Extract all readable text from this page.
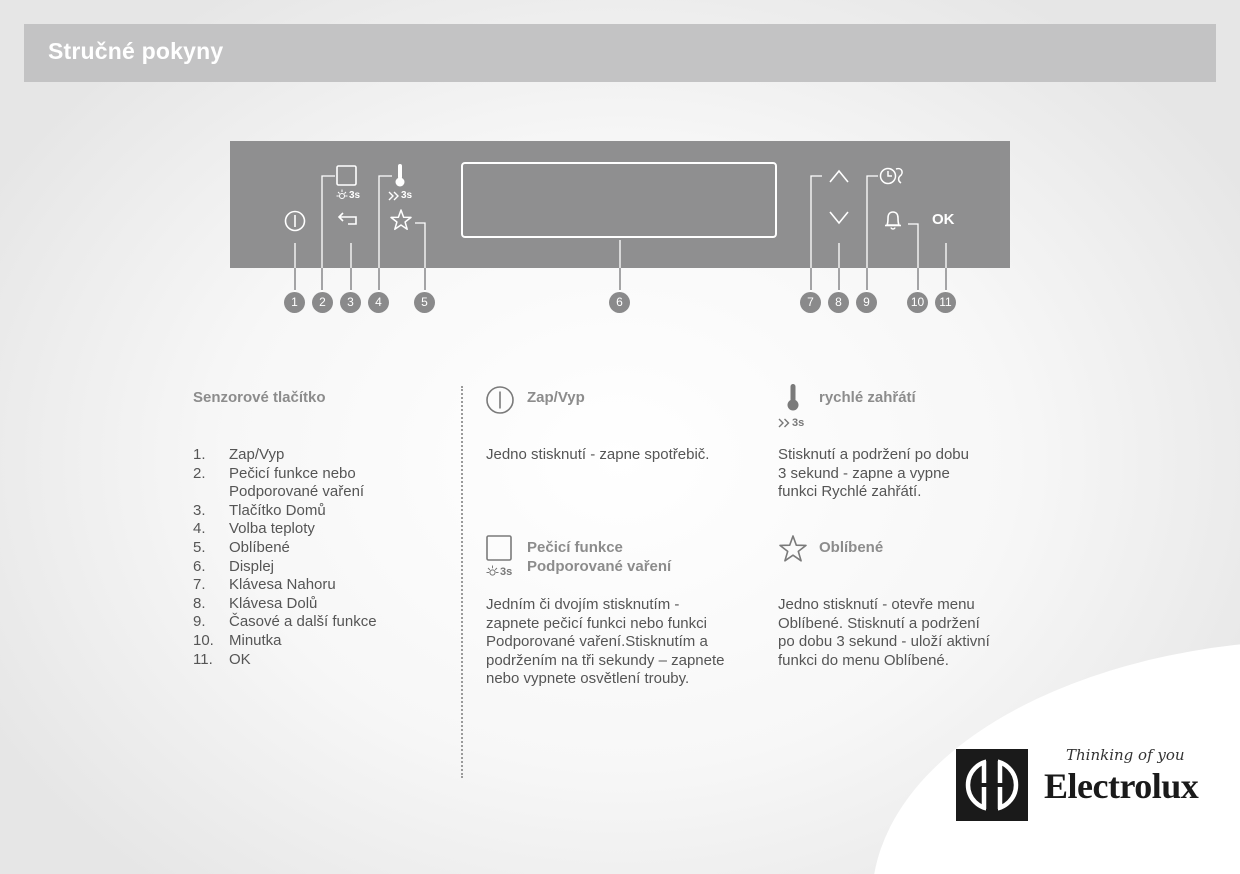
Stručné pokyny
3s	3s
OK
1	2	3	4	5	6	7	8	9	10	11
Senzorové tlačítko
1. Zap/Vyp
2. Pečicí funkce nebo
Podporované vaření
3. Tlačítko Domů
4. Volba teploty
5. Oblíbené
6. Displej
7. Klávesa Nahoru
8. Klávesa Dolů
9. Časové a další funkce
10. Minutka
11. OK
Zap/Vyp

Jedno stisknutí - zapne spotřebič.

3s
Pečicí funkce
Podporované vaření
Jedním či dvojím stisknutím -
zapnete pečicí funkci nebo funkci
Podporované vaření.Stisknutím a
podržením na tři sekundy – zapnete
nebo vypnete osvětlení trouby.
3s
rychlé zahřátí
Stisknutí a podržení po dobu
3 sekund - zapne a vypne
funkci Rychlé zahřátí.
Oblíbené
Jedno stisknutí - otevře menu
Oblíbené. Stisknutí a podržení
po dobu 3 sekund - uloží aktivní
funkci do menu Oblíbené.
Thinking of you
Electrolux
